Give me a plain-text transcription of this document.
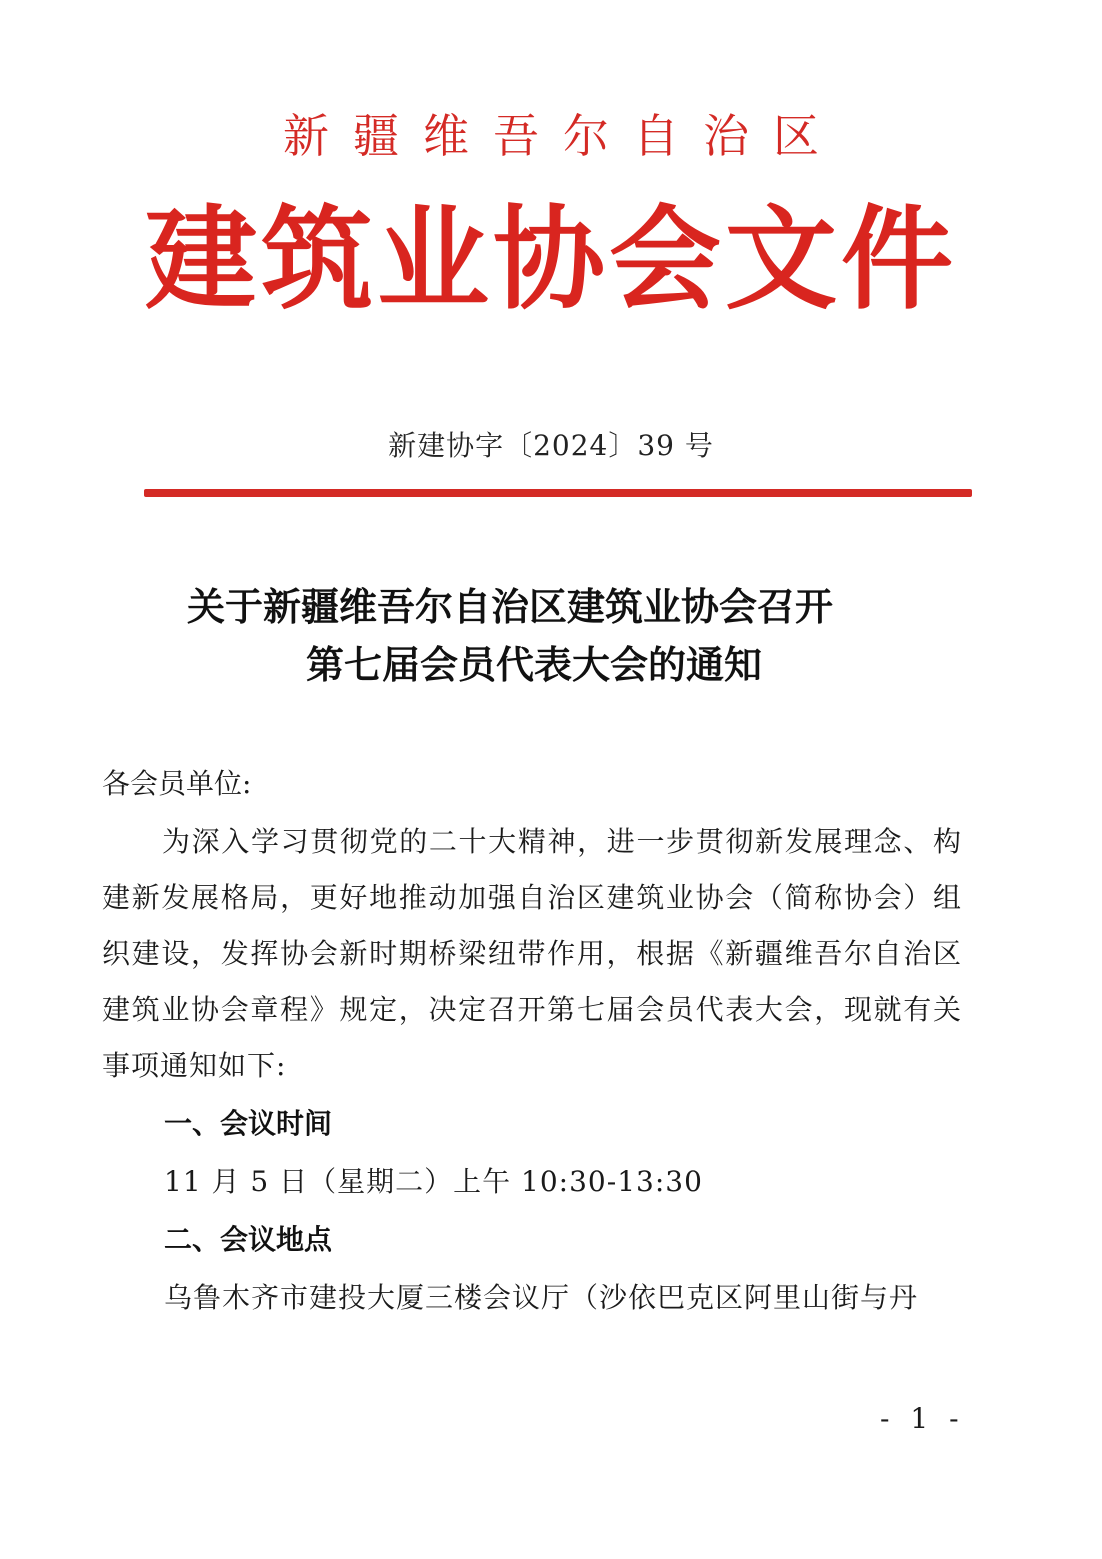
新疆维吾尔自治区
建筑业协会文件
新建协字〔2024〕39 号
关于新疆维吾尔自治区建筑业协会召开
第七届会员代表大会的通知
各会员单位:
为深入学习贯彻党的二十大精神，进一步贯彻新发展理念、构建新发展格局，更好地推动加强自治区建筑业协会（简称协会）组织建设，发挥协会新时期桥梁纽带作用，根据《新疆维吾尔自治区建筑业协会章程》规定，决定召开第七届会员代表大会，现就有关事项通知如下:
一、会议时间
11 月 5 日（星期二）上午 10:30-13:30
二、会议地点
乌鲁木齐市建投大厦三楼会议厅（沙依巴克区阿里山街与丹
- 1 -
